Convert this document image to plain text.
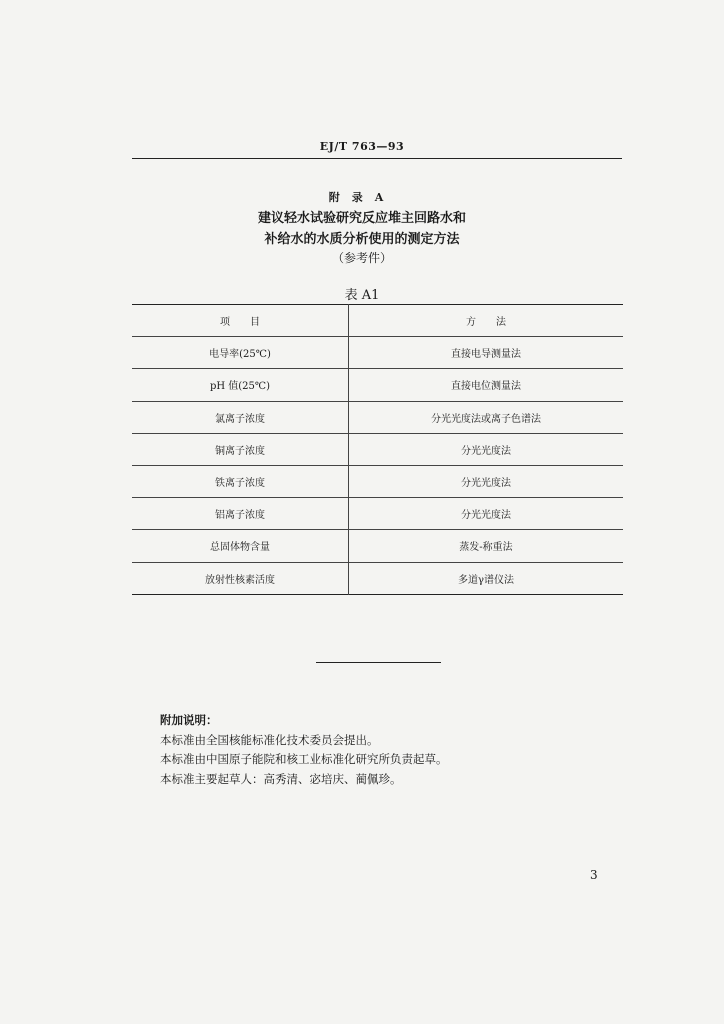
EJ/T 763—93
附录A
建议轻水试验研究反应堆主回路水和
补给水的水质分析使用的测定方法
（参考件）
表 A1
项　　目	方　　法
电导率(25℃)	直接电导测量法
pH 值(25℃)	直接电位测量法
氯离子浓度	分光光度法或离子色谱法
铜离子浓度	分光光度法
铁离子浓度	分光光度法
铝离子浓度	分光光度法
总固体物含量	蒸发-称重法
放射性核素活度	多道γ谱仪法
附加说明：
本标准由全国核能标准化技术委员会提出。
本标准由中国原子能院和核工业标准化研究所负责起草。
本标准主要起草人：高秀清、宓培庆、蔺佩珍。
3
